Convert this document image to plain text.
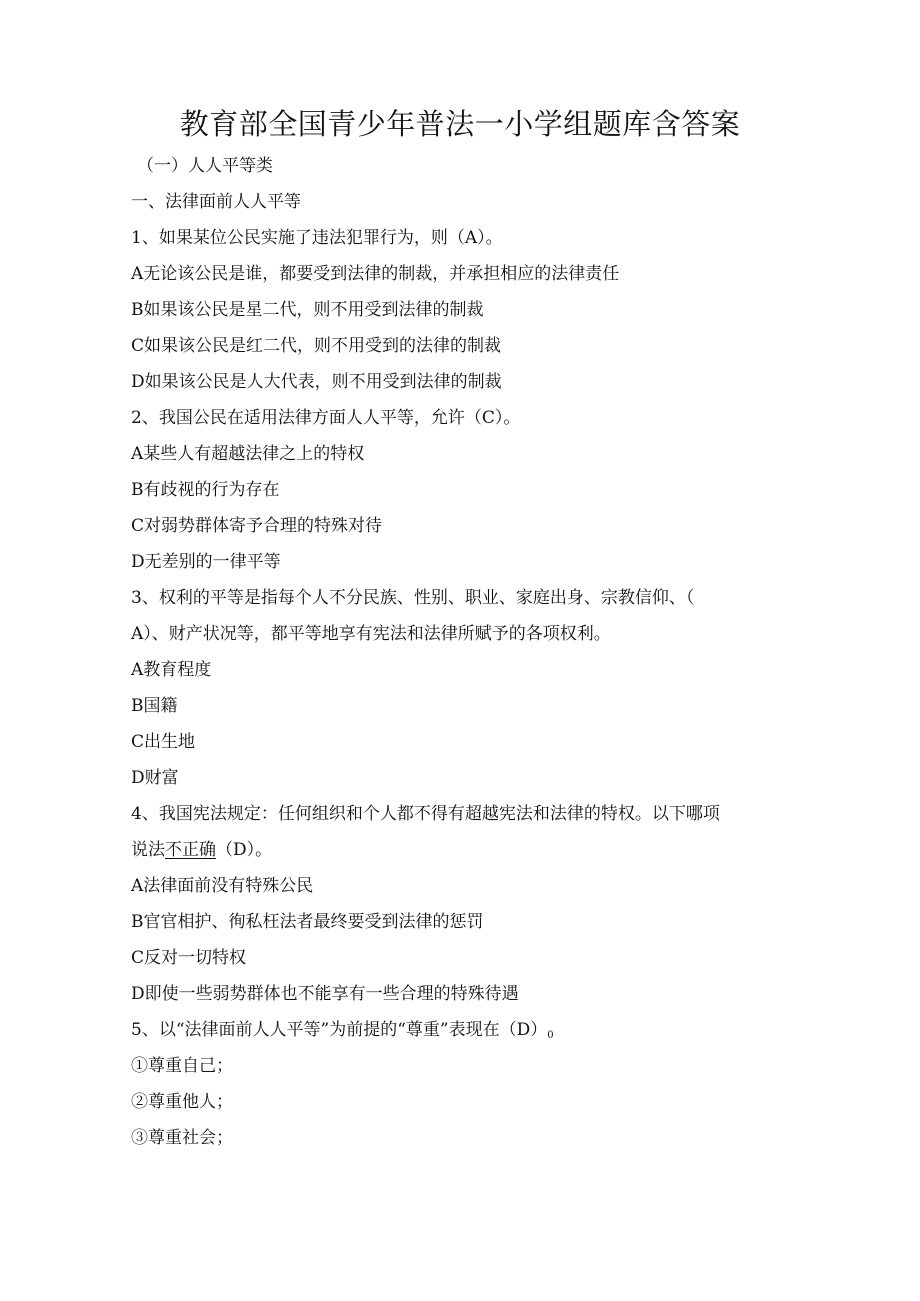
教育部全国青少年普法一小学组题库含答案
（一）人人平等类
一、法律面前人人平等
1、如果某位公民实施了违法犯罪行为，则（A）。
A无论该公民是谁，都要受到法律的制裁，并承担相应的法律责任
B如果该公民是星二代，则不用受到法律的制裁
C如果该公民是红二代，则不用受到的法律的制裁
D如果该公民是人大代表，则不用受到法律的制裁
2、我国公民在适用法律方面人人平等，允许（C）。
A某些人有超越法律之上的特权
B有歧视的行为存在
C对弱势群体寄予合理的特殊对待
D无差别的一律平等
3、权利的平等是指每个人不分民族、性别、职业、家庭出身、宗教信仰、（
A）、财产状况等，都平等地享有宪法和法律所赋予的各项权利。
A教育程度
B国籍
C出生地
D财富
4、我国宪法规定：任何组织和个人都不得有超越宪法和法律的特权。以下哪项
说法不正确（D）。
A法律面前没有特殊公民
B官官相护、徇私枉法者最终要受到法律的惩罚
C反对一切特权
D即使一些弱势群体也不能享有一些合理的特殊待遇
5、以“法律面前人人平等”为前提的“尊重”表现在$(D)_0$
①尊重自己；
②尊重他人；
③尊重社会；
